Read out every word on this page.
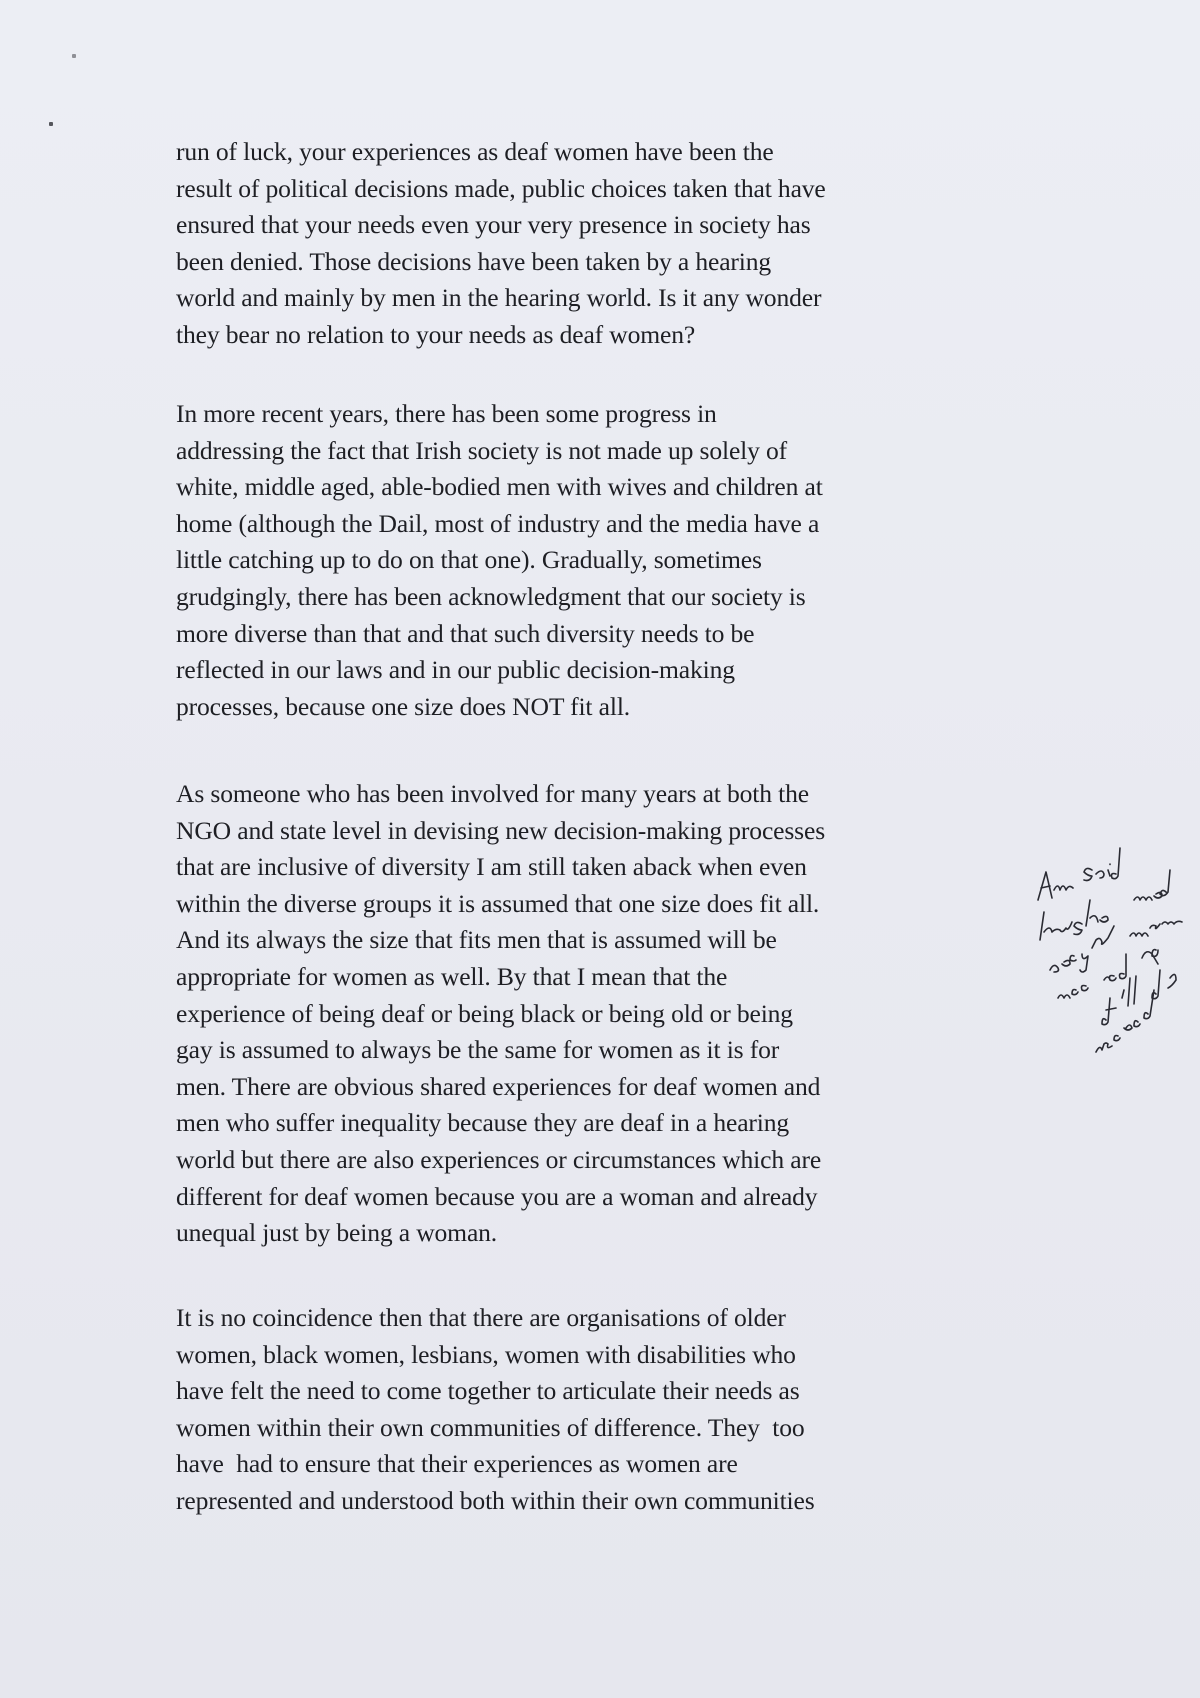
run of luck, your experiences as deaf women have been the
result of political decisions made, public choices taken that have
ensured that your needs even your very presence in society has
been denied. Those decisions have been taken by a hearing
world and mainly by men in the hearing world. Is it any wonder
they bear no relation to your needs as deaf women?
In more recent years, there has been some progress in
addressing the fact that Irish society is not made up solely of
white, middle aged, able-bodied men with wives and children at
home (although the Dail, most of industry and the media have a
little catching up to do on that one). Gradually, sometimes
grudgingly, there has been acknowledgment that our society is
more diverse than that and that such diversity needs to be
reflected in our laws and in our public decision-making
processes, because one size does NOT fit all.
As someone who has been involved for many years at both the
NGO and state level in devising new decision-making processes
that are inclusive of diversity I am still taken aback when even
within the diverse groups it is assumed that one size does fit all.
And its always the size that fits men that is assumed will be
appropriate for women as well. By that I mean that the
experience of being deaf or being black or being old or being
gay is assumed to always be the same for women as it is for
men. There are obvious shared experiences for deaf women and
men who suffer inequality because they are deaf in a hearing
world but there are also experiences or circumstances which are
different for deaf women because you are a woman and already
unequal just by being a woman.
It is no coincidence then that there are organisations of older
women, black women, lesbians, women with disabilities who
have felt the need to come together to articulate their needs as
women within their own communities of difference. They  too
have  had to ensure that their experiences as women are
represented and understood both within their own communities
